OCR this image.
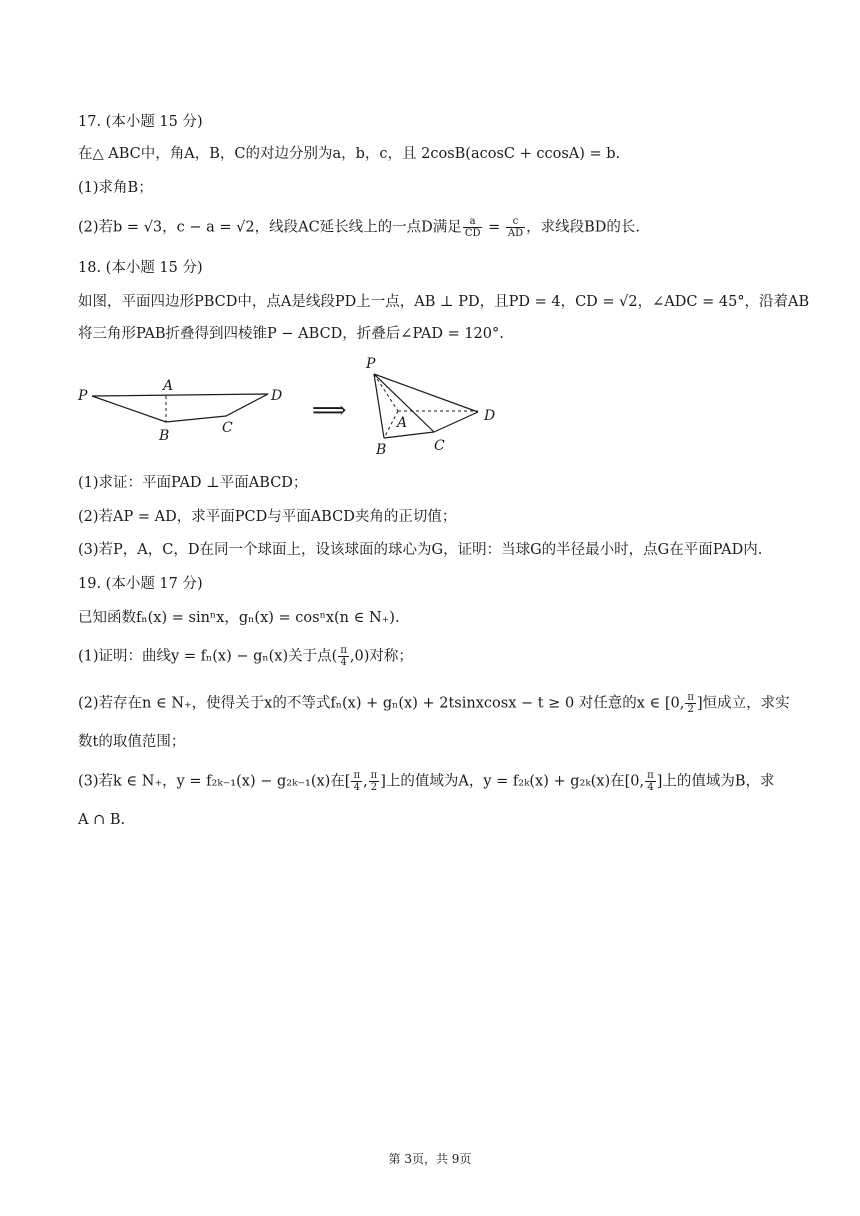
17. (本小题 15 分)
在△ ABC中，角A，B，C的对边分别为a，b，c，且 2cosB(acosC + ccosA) = b.
(1)求角B；
(2)若b = √3，c − a = √2，线段AC延长线上的一点D满足 $\frac{a}{CD} = \frac{c}{AD}$ ，求线段BD的长.
18. (本小题 15 分)
如图，平面四边形PBCD中，点A是线段PD上一点，AB ⊥ PD，且PD = 4，CD = √2，∠ADC = 45°，沿着AB
将三角形PAB折叠得到四棱锥P − ABCD，折叠后∠PAD = 120°.
P
A
D
B	C
⟹
P
A	D
B	C
(1)求证：平面PAD ⊥平面ABCD；
(2)若AP = AD，求平面PCD与平面ABCD夹角的正切值；
(3)若P，A，C，D在同一个球面上，设该球面的球心为G，证明：当球G的半径最小时，点G在平面PAD内.
19. (本小题 17 分)
已知函数fₙ(x) = sinⁿx，gₙ(x) = cosⁿx(n ∈ N₊).
(1)证明：曲线y = fₙ(x) − gₙ(x)关于点( $\frac{\pi}{4} ,0$)对称；
(2)若存在n ∈ N₊，使得关于x的不等式fₙ(x) + gₙ(x) + 2tsinxcosx − t ≥ 0 对任意的x ∈ [0, $\frac{\pi}{2}$ ]恒成立，求实
数t的取值范围；
(3)若k ∈ N₊，y = f₂ₖ₋₁(x) − g₂ₖ₋₁(x)在[ $\frac{\pi}{4}$ , $\frac{\pi}{2}$ ]上的值域为A，y = f₂ₖ(x) + g₂ₖ(x)在[0, $\frac{\pi}{4}$ ]上的值域为B，求
A ∩ B.
第 3页，共 9页
